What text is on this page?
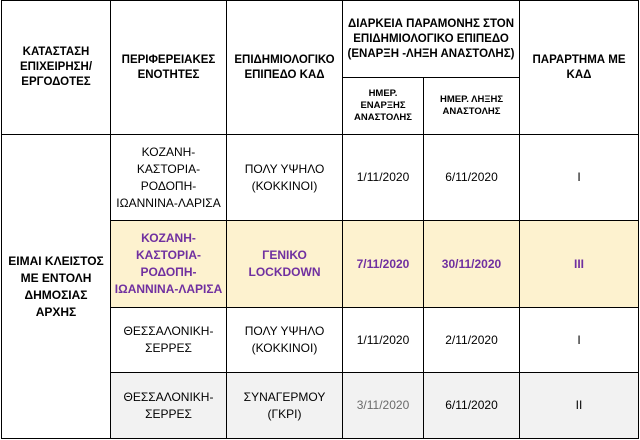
ΚΑΤΑΣΤΑΣΗ ΕΠΙΧΕΙΡΗΣΗ/ ΕΡΓΟΔΟΤΕΣ	ΠΕΡΙΦΕΡΕΙΑΚΕΣ ΕΝΟΤΗΤΕΣ	ΕΠΙΔΗΜΙΟΛΟΓΙΚΟ ΕΠΙΠΕΔΟ ΚΑΔ	ΔΙΑΡΚΕΙΑ ΠΑΡΑΜΟΝΗΣ ΣΤΟΝ ΕΠΙΔΗΜΙΟΛΟΓΙΚΟ ΕΠΙΠΕΔΟ (ΕΝΑΡΞΗ -ΛΗΞΗ ΑΝΑΣΤΟΛΗΣ)		ΠΑΡΑΡΤΗΜΑ ΜΕ ΚΑΔ
			ΗΜΕΡ. ΕΝΑΡΞΗΣ ΑΝΑΣΤΟΛΗΣ	ΗΜΕΡ. ΛΗΞΗΣ ΑΝΑΣΤΟΛΗΣ	
ΕΙΜΑΙ ΚΛΕΙΣΤΟΣ ΜΕ ΕΝΤΟΛΗ ΔΗΜΟΣΙΑΣ ΑΡΧΗΣ	ΚΟΖΑΝΗ-ΚΑΣΤΟΡΙΑ-ΡΟΔΟΠΗ-ΙΩΑΝΝΙΝΑ-ΛΑΡΙΣΑ	ΠΟΛΥ ΥΨΗΛΟ (ΚΟΚΚΙΝΟΙ)	1/11/2020	6/11/2020	I
	ΚΟΖΑΝΗ-ΚΑΣΤΟΡΙΑ-ΡΟΔΟΠΗ-ΙΩΑΝΝΙΝΑ-ΛΑΡΙΣΑ	ΓΕΝΙΚΟ LOCKDOWN	7/11/2020	30/11/2020	III
	ΘΕΣΣΑΛΟΝΙΚΗ-ΣΕΡΡΕΣ	ΠΟΛΥ ΥΨΗΛΟ (ΚΟΚΚΙΝΟΙ)	1/11/2020	2/11/2020	I
	ΘΕΣΣΑΛΟΝΙΚΗ-ΣΕΡΡΕΣ	ΣΥΝΑΓΕΡΜΟΥ (ΓΚΡΙ)	3/11/2020	6/11/2020	II
